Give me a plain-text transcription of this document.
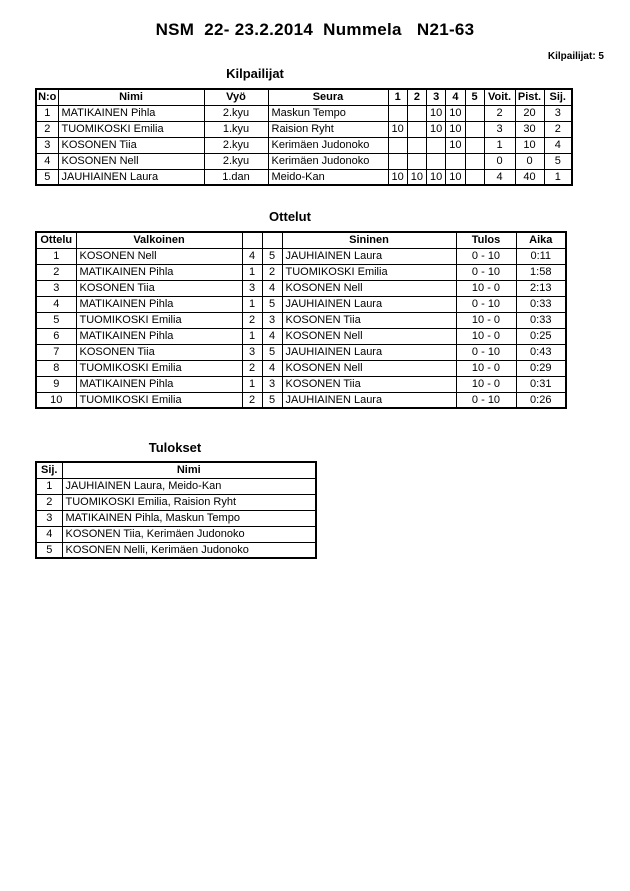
NSM  22- 23.2.2014  Nummela   N21-63
Kilpailijat: 5
Kilpailijat
N:o	Nimi	Vyö	Seura	1	2	3	4	5	Voit.	Pist.	Sij.
1	MATIKAINEN Pihla	2.kyu	Maskun Tempo			10	10		2	20	3
2	TUOMIKOSKI Emilia	1.kyu	Raision Ryht	10		10	10		3	30	2
3	KOSONEN Tiia	2.kyu	Kerimäen Judonoko				10		1	10	4
4	KOSONEN Nell	2.kyu	Kerimäen Judonoko						0	0	5
5	JAUHIAINEN Laura	1.dan	Meido-Kan	10	10	10	10		4	40	1
Ottelut
Ottelu	Valkoinen			Sininen	Tulos	Aika
1	KOSONEN Nell	4	5	JAUHIAINEN Laura	0 - 10	0:11
2	MATIKAINEN Pihla	1	2	TUOMIKOSKI Emilia	0 - 10	1:58
3	KOSONEN Tiia	3	4	KOSONEN Nell	10 - 0	2:13
4	MATIKAINEN Pihla	1	5	JAUHIAINEN Laura	0 - 10	0:33
5	TUOMIKOSKI Emilia	2	3	KOSONEN Tiia	10 - 0	0:33
6	MATIKAINEN Pihla	1	4	KOSONEN Nell	10 - 0	0:25
7	KOSONEN Tiia	3	5	JAUHIAINEN Laura	0 - 10	0:43
8	TUOMIKOSKI Emilia	2	4	KOSONEN Nell	10 - 0	0:29
9	MATIKAINEN Pihla	1	3	KOSONEN Tiia	10 - 0	0:31
10	TUOMIKOSKI Emilia	2	5	JAUHIAINEN Laura	0 - 10	0:26
Tulokset
Sij.	Nimi
1	JAUHIAINEN Laura, Meido-Kan
2	TUOMIKOSKI Emilia, Raision Ryht
3	MATIKAINEN Pihla, Maskun Tempo
4	KOSONEN Tiia, Kerimäen Judonoko
5	KOSONEN Nelli, Kerimäen Judonoko
